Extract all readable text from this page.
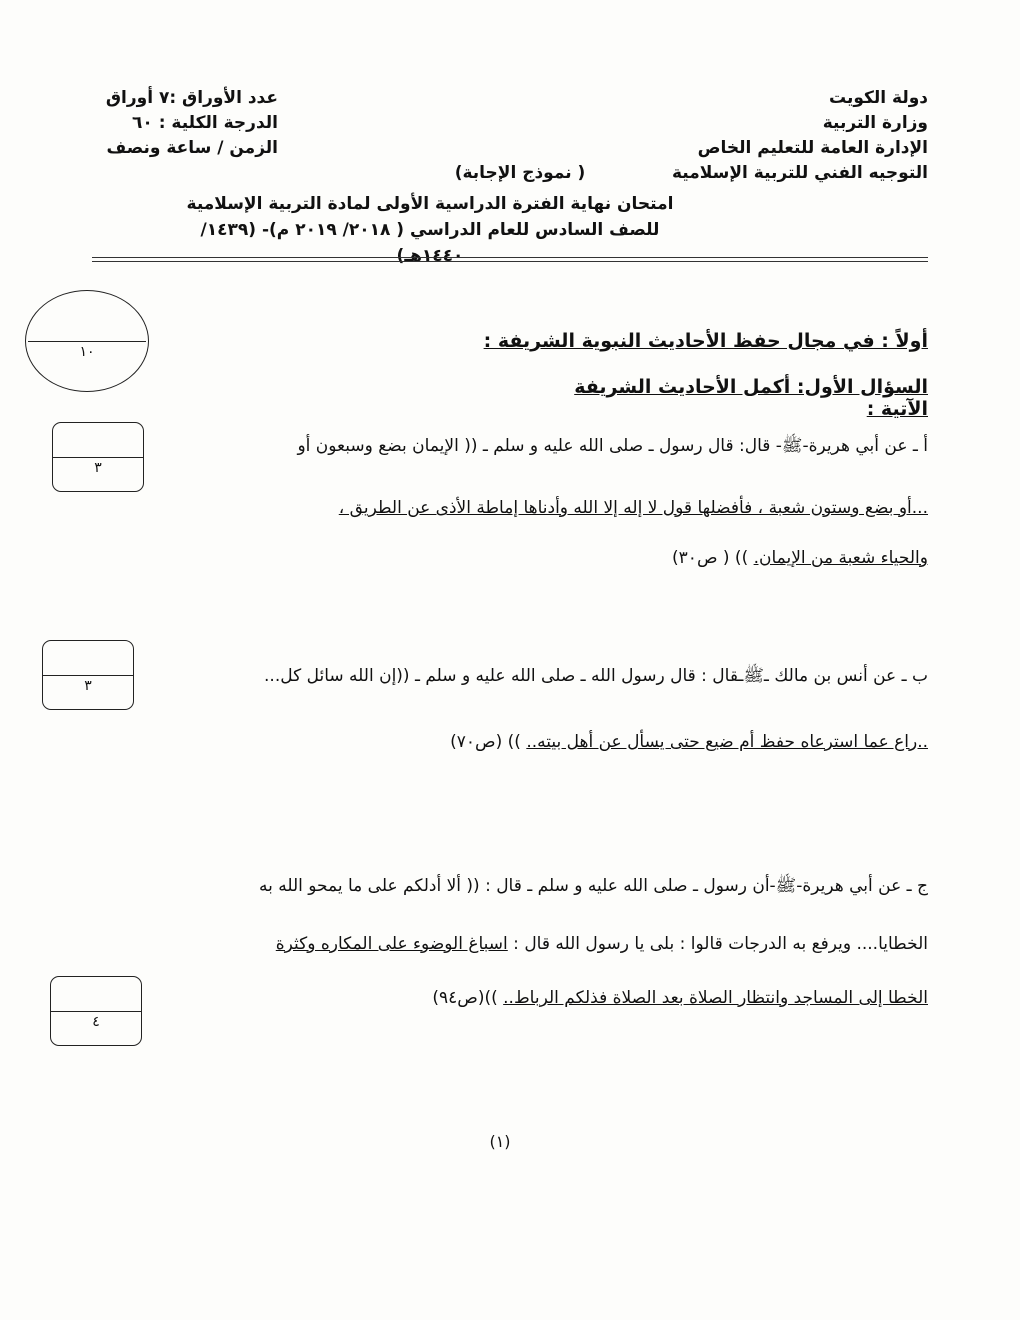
دولة الكويت
وزارة التربية
الإدارة العامة للتعليم الخاص
التوجيه الفني للتربية الإسلامية
عدد الأوراق :٧ أوراق
الدرجة الكلية : ٦٠
الزمن / ساعة ونصف
( نموذج الإجابة)
امتحان نهاية الفترة الدراسية الأولى لمادة التربية الإسلامية
للصف السادس للعام الدراسي ( ٢٠١٨/ ٢٠١٩ م)- (١٤٣٩/ ١٤٤٠هـ)
١٠	أولاً : في مجال حفظ الأحاديث النبوية الشريفة :
السؤال الأول: أكمل الأحاديث الشريفة الآتية :
٣
أ ـ عن أبي هريرة-ﷺ- قال: قال رسول ـ صلى الله عليه و سلم ـ (( الإيمان بضع وسبعون أو
...أو بضع وستون شعبة ، فأفضلها قول لا إله إلا الله وأدناها إماطة الأذى عن الطريق ،
والحياء شعبة من الإيمان. )) ( ص٣٠)
٣	ب ـ عن أنس بن مالك ـﷺـقال : قال رسول الله ـ صلى الله عليه و سلم ـ ((إن الله سائل كل...
..راع عما استرعاه حفظ أم ضيع حتى يسأل عن أهل بيته.. )) (ص٧٠)
ج ـ عن أبي هريرة-ﷺ-أن رسول ـ صلى الله عليه و سلم ـ قال : (( ألا أدلكم على ما يمحو الله به
الخطايا.... ويرفع به الدرجات قالوا : بلى يا رسول الله قال : اسباغ الوضوء على المكاره وكثرة
٤
الخطا إلى المساجد وانتظار الصلاة بعد الصلاة فذلكم الرباط.. ))(ص٩٤)
(١)
